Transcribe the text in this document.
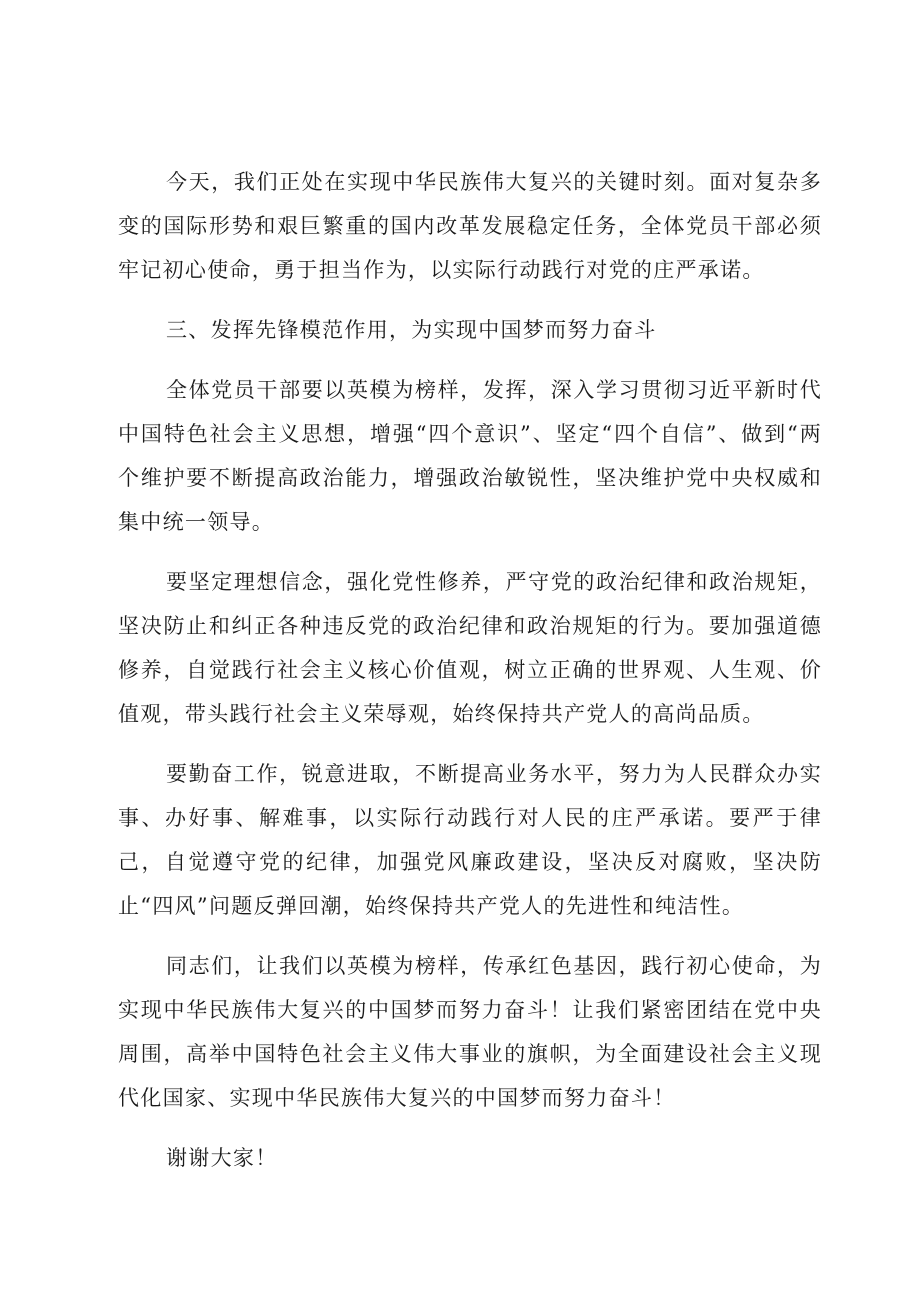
今天，我们正处在实现中华民族伟大复兴的关键时刻。面对复杂多变的国际形势和艰巨繁重的国内改革发展稳定任务，全体党员干部必须牢记初心使命，勇于担当作为，以实际行动践行对党的庄严承诺。

三、发挥先锋模范作用，为实现中国梦而努力奋斗

全体党员干部要以英模为榜样，发挥，深入学习贯彻习近平新时代中国特色社会主义思想，增强“四个意识”、坚定“四个自信”、做到“两个维护要不断提高政治能力，增强政治敏锐性，坚决维护党中央权威和集中统一领导。

要坚定理想信念，强化党性修养，严守党的政治纪律和政治规矩，坚决防止和纠正各种违反党的政治纪律和政治规矩的行为。要加强道德修养，自觉践行社会主义核心价值观，树立正确的世界观、人生观、价值观，带头践行社会主义荣辱观，始终保持共产党人的高尚品质。

要勤奋工作，锐意进取，不断提高业务水平，努力为人民群众办实事、办好事、解难事，以实际行动践行对人民的庄严承诺。要严于律己，自觉遵守党的纪律，加强党风廉政建设，坚决反对腐败，坚决防止“四风”问题反弹回潮，始终保持共产党人的先进性和纯洁性。

同志们，让我们以英模为榜样，传承红色基因，践行初心使命，为实现中华民族伟大复兴的中国梦而努力奋斗！让我们紧密团结在党中央周围，高举中国特色社会主义伟大事业的旗帜，为全面建设社会主义现代化国家、实现中华民族伟大复兴的中国梦而努力奋斗！

谢谢大家！
